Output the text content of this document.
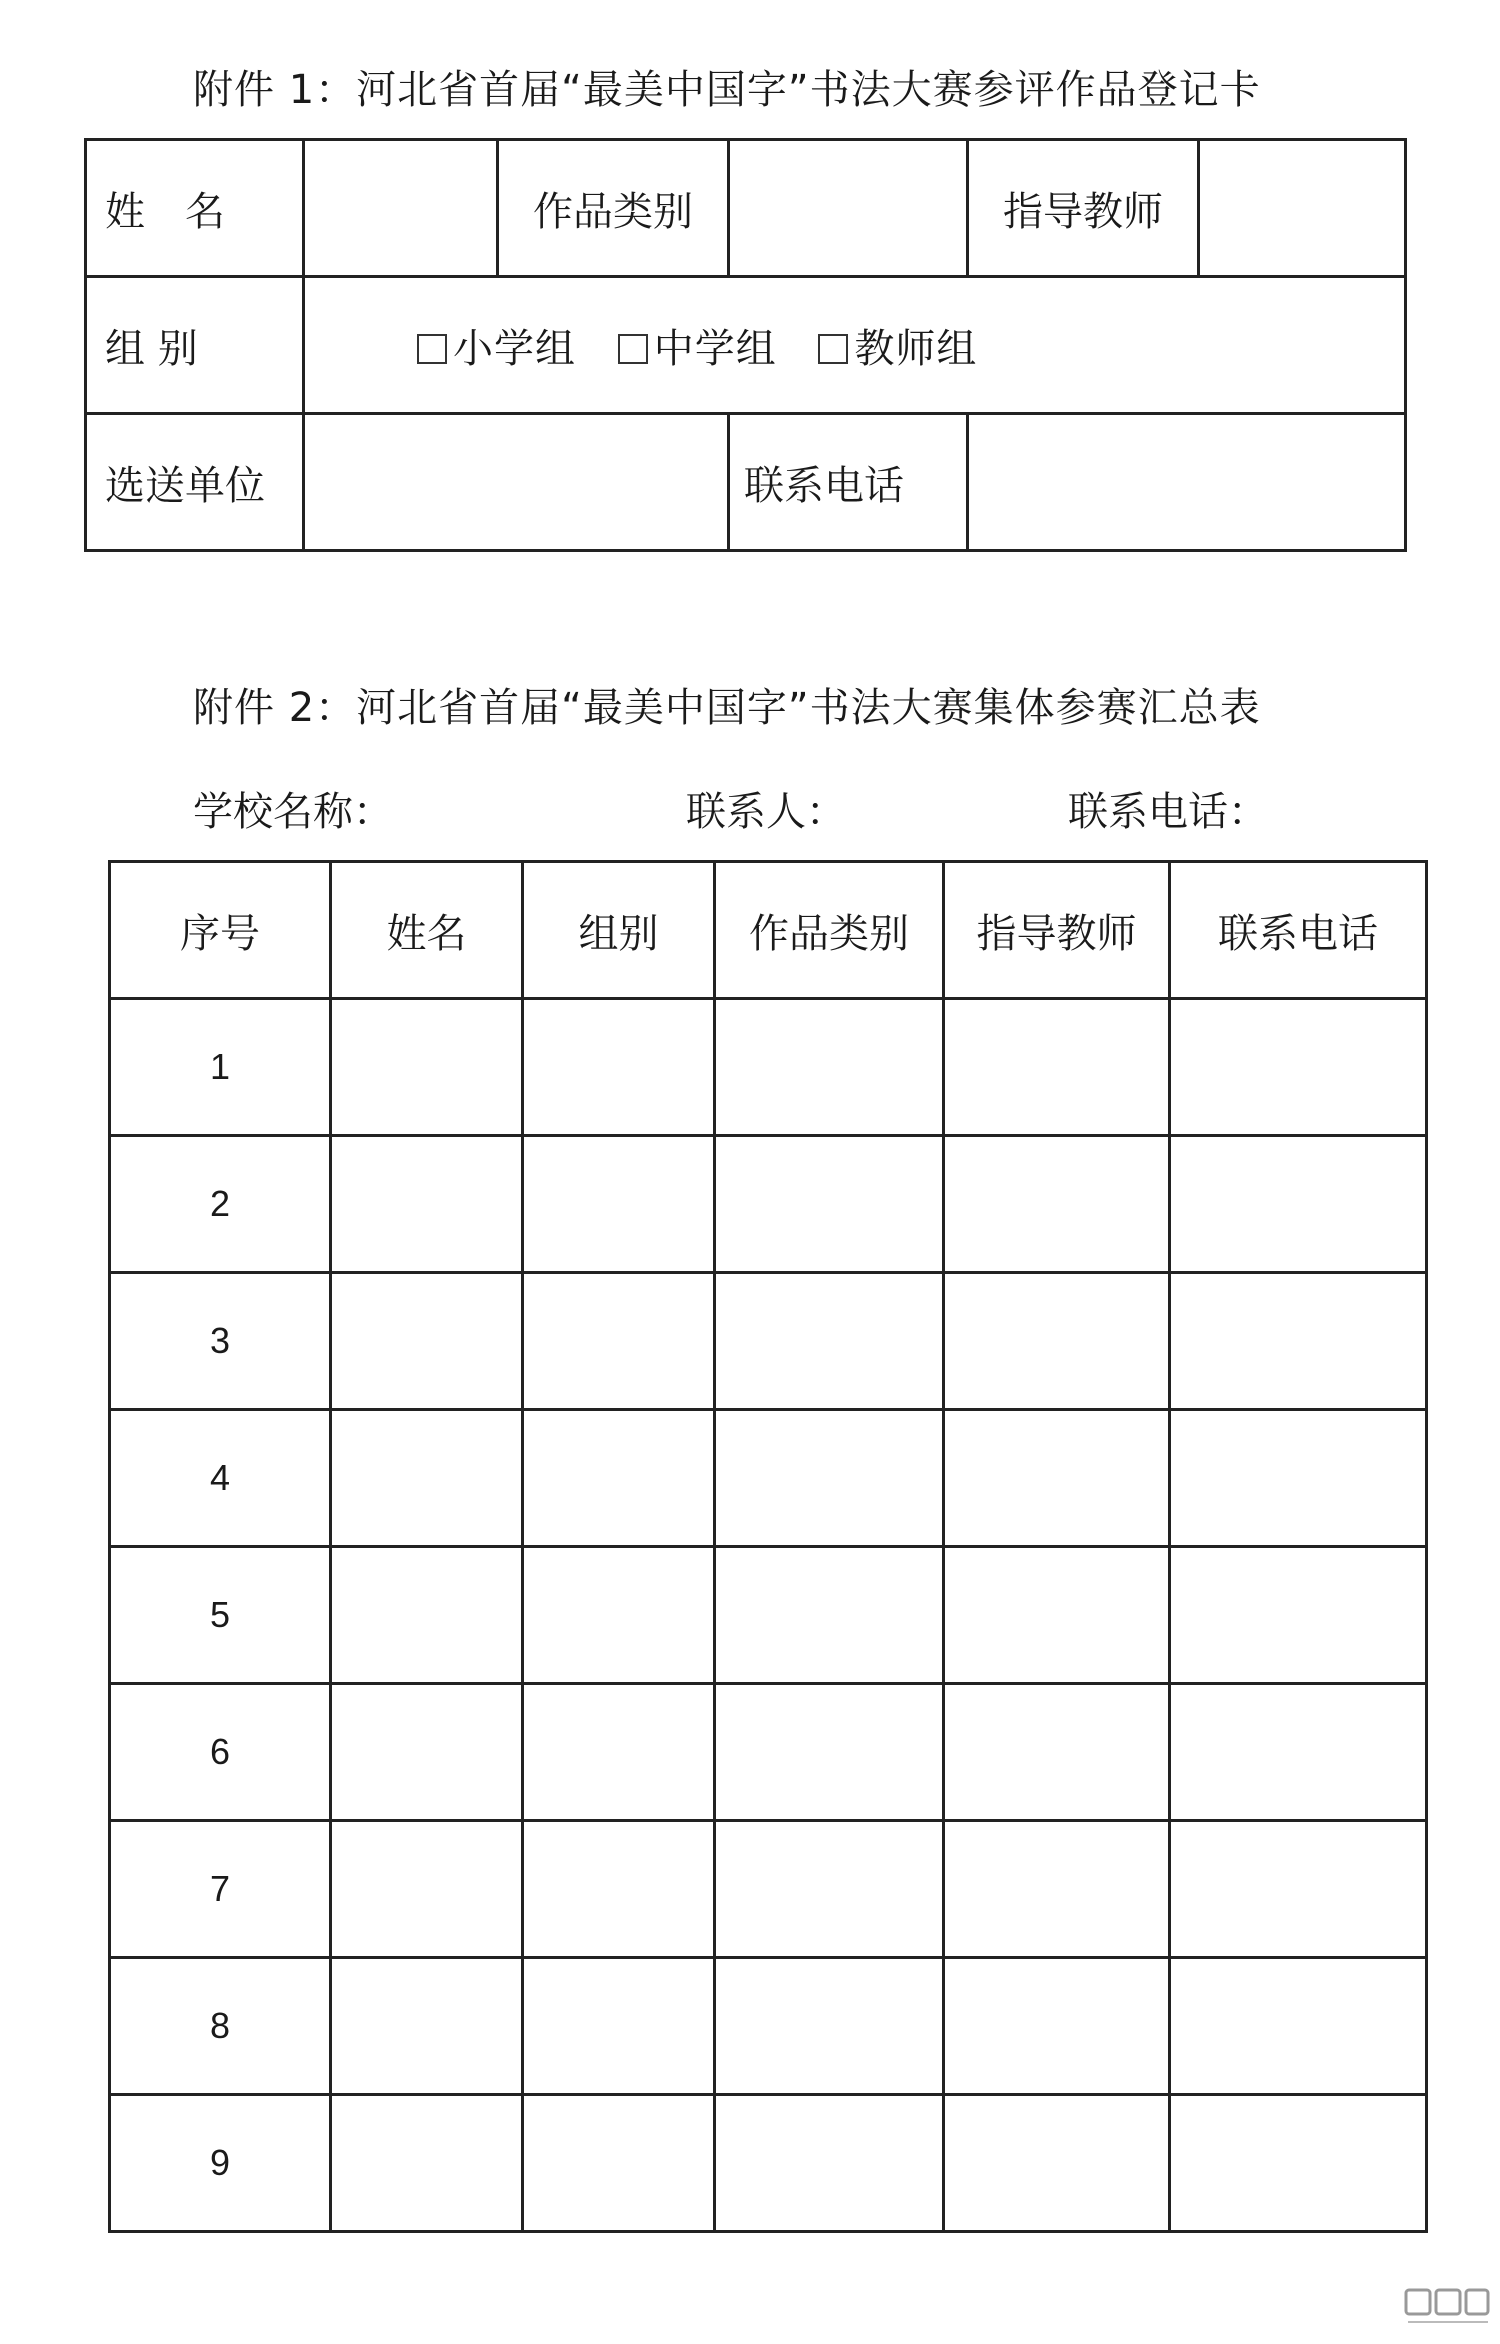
附件 1：河北省首届“最美中国字”书法大赛参评作品登记卡
姓　名		作品类别		指导教师	
组 别	小学组 中学组 教师组				
选送单位			联系电话		
附件 2：河北省首届“最美中国字”书法大赛集体参赛汇总表
学校名称：	联系人：	联系电话：
序号	姓名	组别	作品类别	指导教师	联系电话
1					
2					
3					
4					
5					
6					
7					
8					
9					
